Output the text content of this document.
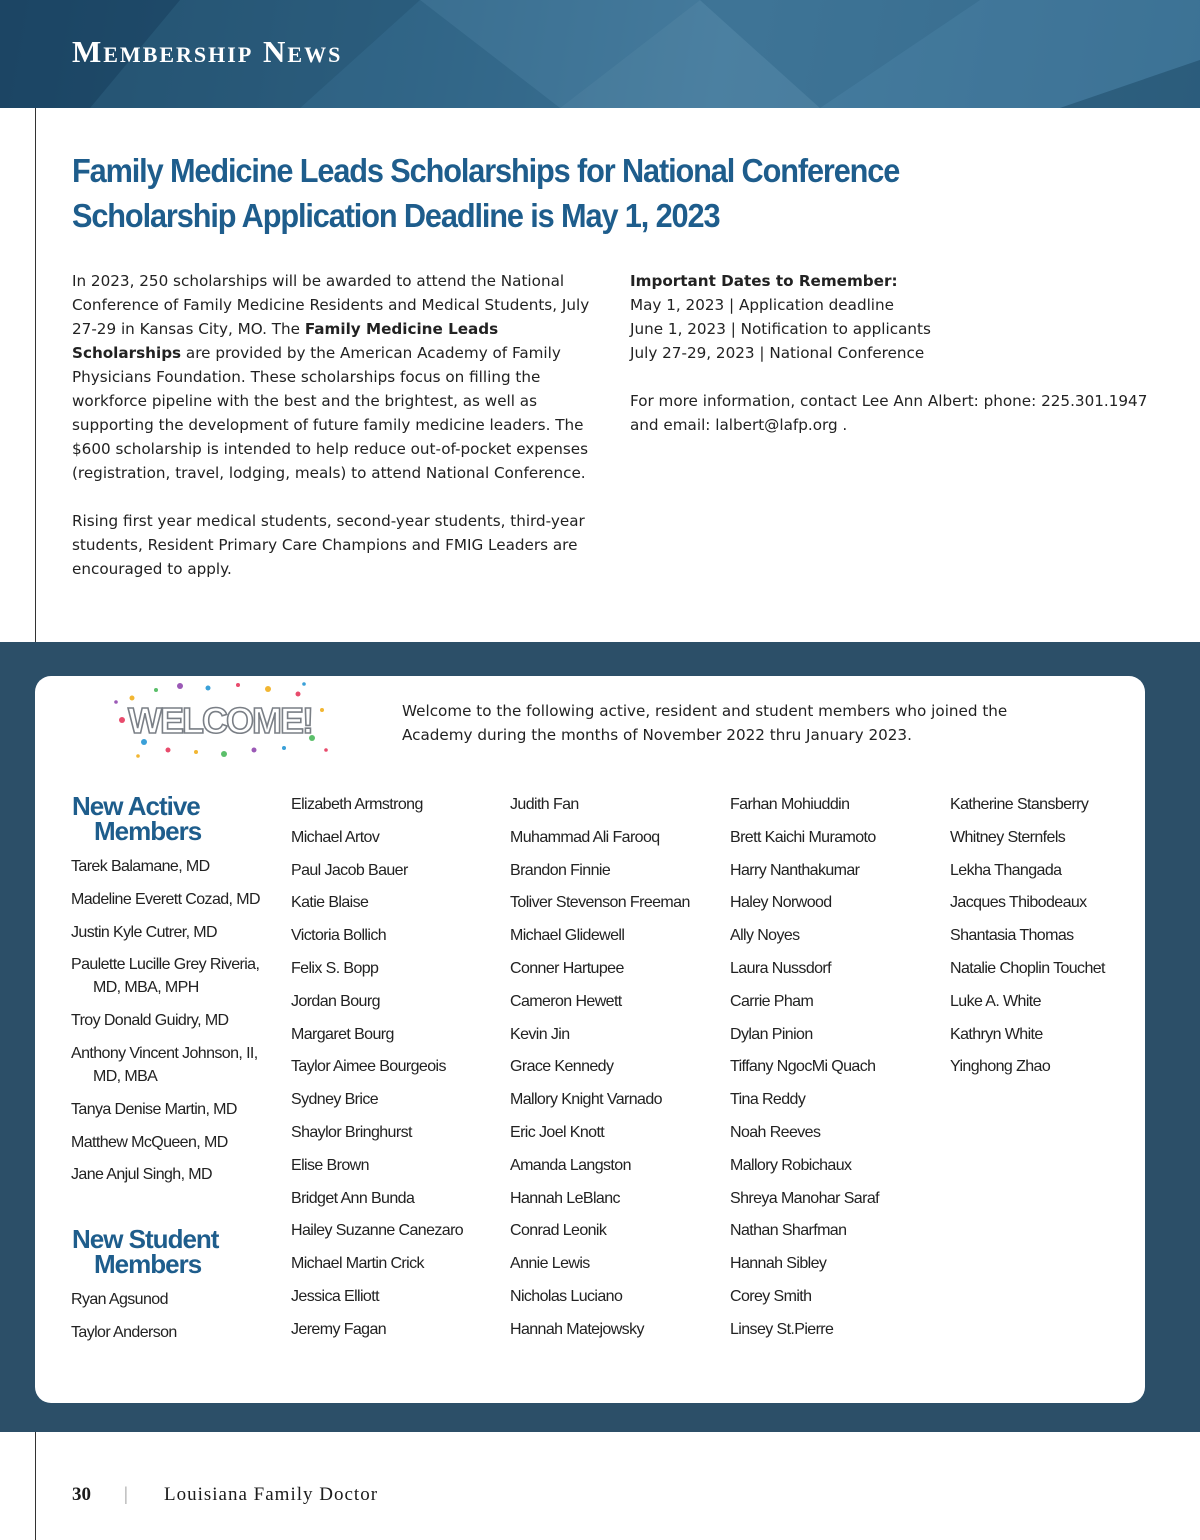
Membership News
Family Medicine Leads Scholarships for National Conference
Scholarship Application Deadline is May 1, 2023

In 2023, 250 scholarships will be awarded to attend the National Conference of Family Medicine Residents and Medical Students, July 27-29 in Kansas City, MO. The Family Medicine Leads Scholarships are provided by the American Academy of Family Physicians Foundation. These scholarships focus on filling the workforce pipeline with the best and the brightest, as well as supporting the development of future family medicine leaders. The $600 scholarship is intended to help reduce out-of-pocket expenses (registration, travel, lodging, meals) to attend National Conference.

Rising first year medical students, second-year students, third-year students, Resident Primary Care Champions and FMIG Leaders are encouraged to apply.

Important Dates to Remember:

May 1, 2023 | Application deadline

June 1, 2023 | Notification to applicants

July 27-29, 2023 | National Conference

For more information, contact Lee Ann Albert: phone: 225.301.1947 and email: lalbert@lafp.org .

WELCOME!	Welcome to the following active, resident and student members who joined the Academy during the months of November 2022 thru January 2023.

New Active
Members
Tarek Balamane, MD
Madeline Everett Cozad, MD
Justin Kyle Cutrer, MD
Paulette Lucille Grey Riveria,
MD, MBA, MPH
Troy Donald Guidry, MD
Anthony Vincent Johnson, II,
MD, MBA
Tanya Denise Martin, MD
Matthew McQueen, MD
Jane Anjul Singh, MD
New Student
Members
Ryan Agsunod
Taylor Anderson
Elizabeth Armstrong
Michael Artov
Paul Jacob Bauer
Katie Blaise
Victoria Bollich
Felix S. Bopp
Jordan Bourg
Margaret Bourg
Taylor Aimee Bourgeois
Sydney Brice
Shaylor Bringhurst
Elise Brown
Bridget Ann Bunda
Hailey Suzanne Canezaro
Michael Martin Crick
Jessica Elliott
Jeremy Fagan
Judith Fan
Muhammad Ali Farooq
Brandon Finnie
Toliver Stevenson Freeman
Michael Glidewell
Conner Hartupee
Cameron Hewett
Kevin Jin
Grace Kennedy
Mallory Knight Varnado
Eric Joel Knott
Amanda Langston
Hannah LeBlanc
Conrad Leonik
Annie Lewis
Nicholas Luciano
Hannah Matejowsky
Farhan Mohiuddin
Brett Kaichi Muramoto
Harry Nanthakumar
Haley Norwood
Ally Noyes
Laura Nussdorf
Carrie Pham
Dylan Pinion
Tiffany NgocMi Quach
Tina Reddy
Noah Reeves
Mallory Robichaux
Shreya Manohar Saraf
Nathan Sharfman
Hannah Sibley
Corey Smith
Linsey St.Pierre
Katherine Stansberry
Whitney Sternfels
Lekha Thangada
Jacques Thibodeaux
Shantasia Thomas
Natalie Choplin Touchet
Luke A. White
Kathryn White
Yinghong Zhao
30 | Louisiana Family Doctor
